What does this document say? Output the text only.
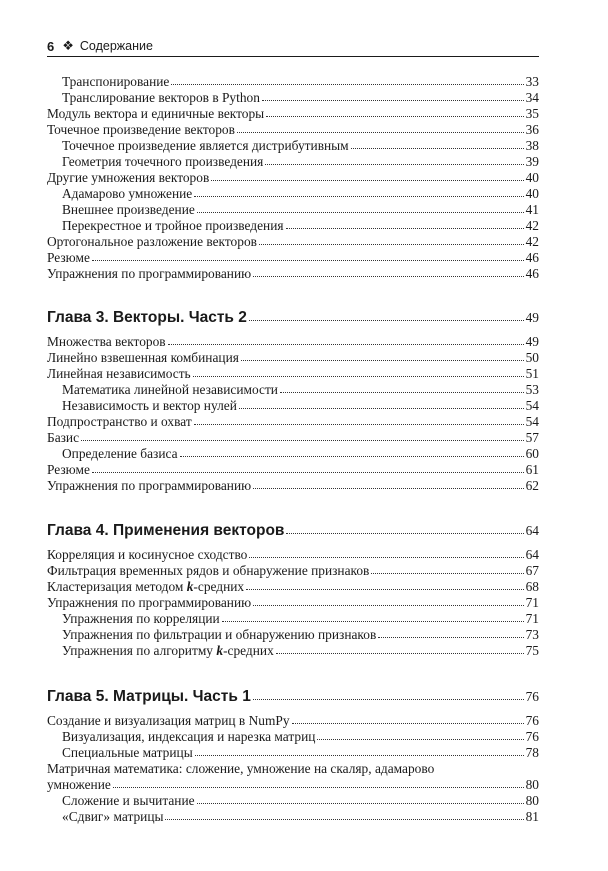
6 ❖ Содержание
Транспонирование	33
Транслирование векторов в Python	34
Модуль вектора и единичные векторы	35
Точечное произведение векторов	36
Точечное произведение является дистрибутивным	38
Геометрия точечного произведения	39
Другие умножения векторов	40
Адамарово умножение	40
Внешнее произведение	41
Перекрестное и тройное произведения	42
Ортогональное разложение векторов	42
Резюме	46
Упражнения по программированию	46
Глава 3. Векторы. Часть 2	49
Множества векторов	49
Линейно взвешенная комбинация	50
Линейная независимость	51
Математика линейной независимости	53
Независимость и вектор нулей	54
Подпространство и охват	54
Базис	57
Определение базиса	60
Резюме	61
Упражнения по программированию	62
Глава 4. Применения векторов	64
Корреляция и косинусное сходство	64
Фильтрация временных рядов и обнаружение признаков	67
Кластеризация методом k-средних	68
Упражнения по программированию	71
Упражнения по корреляции	71
Упражнения по фильтрации и обнаружению признаков	73
Упражнения по алгоритму k-средних	75
Глава 5. Матрицы. Часть 1	76
Создание и визуализация матриц в NumPy	76
Визуализация, индексация и нарезка матриц	76
Специальные матрицы	78
Матричная математика: сложение, умножение на скаляр, адамарово
умножение	80
Сложение и вычитание	80
«Сдвиг» матрицы	81
